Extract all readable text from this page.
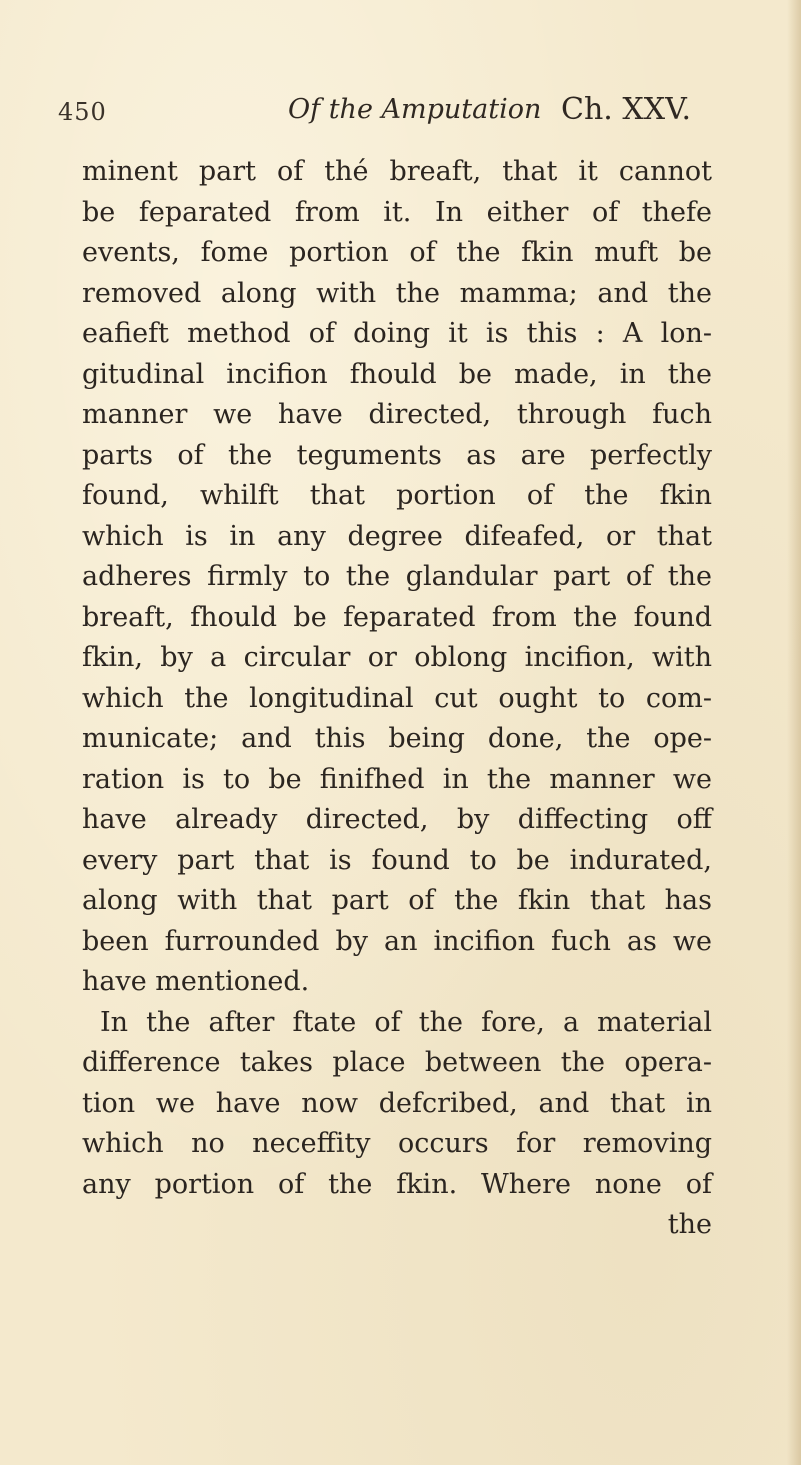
450	Of the Amputation Ch. XXV.
minent part of thé breaft, that it cannot
be feparated from it. In either of thefe
events, fome portion of the fkin muft be
removed along with the mamma; and the
eafieft method of doing it is this : A lon-
gitudinal incifion fhould be made, in the
manner we have directed, through fuch
parts of the teguments as are perfectly
found, whilft that portion of the fkin
which is in any degree difeafed, or that
adheres firmly to the glandular part of the
breaft, fhould be feparated from the found
fkin, by a circular or oblong incifion, with
which the longitudinal cut ought to com-
municate; and this being done, the ope-
ration is to be finifhed in the manner we
have already directed, by diffecting off
every part that is found to be indurated,
along with that part of the fkin that has
been furrounded by an incifion fuch as we
have mentioned.
In the after ftate of the fore, a material
difference takes place between the opera-
tion we have now defcribed, and that in
which no neceffity occurs for removing
any portion of the fkin. Where none of
the
